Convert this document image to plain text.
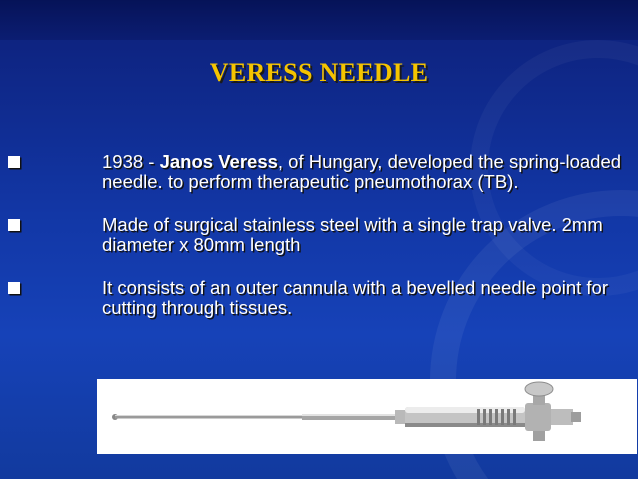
VERESS NEEDLE
1938 - Janos Veress, of Hungary, developed the spring-loaded needle. to perform therapeutic pneumothorax (TB).
Made of surgical stainless steel with a single trap valve. 2mm diameter x 80mm length
It consists of an outer cannula with a bevelled needle point for cutting through tissues.
